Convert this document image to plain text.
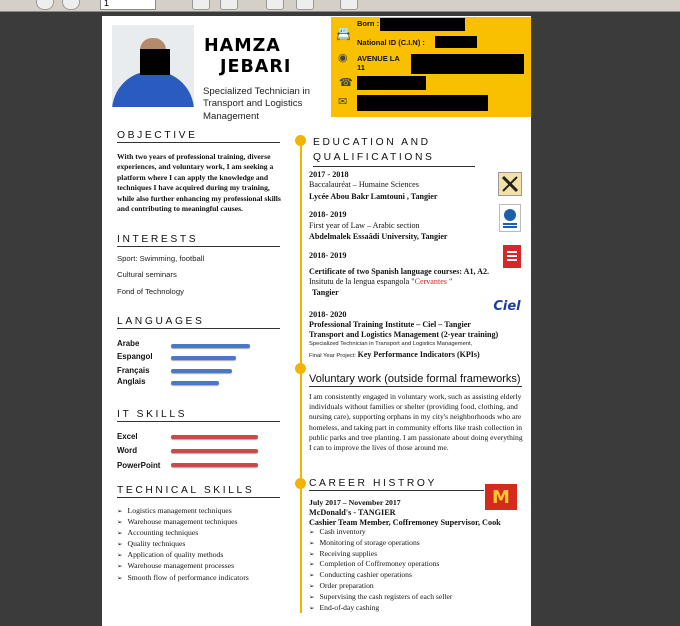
1
HAMZA
JEBARI
Specialized Technician in Transport and Logistics Management
Born :
📇
National ID (C.I.N) :
◉ AVENUE LA
11
☎
✉
OBJECTIVE
With two years of professional training, diverse experiences, and voluntary work, I am seeking a platform where I can apply the knowledge and techniques I have acquired during my training, while also further enhancing my professional skills and contributing to meaningful causes.
INTERESTS
Sport: Swimming, football
Cultural seminars
Fond of Technology
LANGUAGES
Arabe
Espangol
Français
Anglais
IT SKILLS
Excel
Word
PowerPoint
TECHNICAL SKILLS
➢ Logistics management techniques
➢ Warehouse management techniques
➢ Accounting techniques
➢ Quality techniques
➢ Application of quality methods
➢ Warehouse management processes
➢ Smooth flow of performance indicators
EDUCATION AND QUALIFICATIONS
2017 - 2018
Baccalauréat – Humaine Sciences
Lycée Abou Bakr Lamtouni , Tangier
2018- 2019
First year of Law – Arabic section
Abdelmalek Essaâdi University, Tangier
2018- 2019
Certificate of two Spanish language courses: A1, A2.
Insitutu de la lengua espangola "Cervantes "
Tangier
2018- 2020
Professional Training Institute – Ciel – Tangier
Transport and Logistics Management (2-year training)
Specialized Technician in Transport and Logistics Management,
Final Year Project: Key Performance Indicators (KPIs)
Ciel
Voluntary work (outside formal frameworks)
I am consistently engaged in voluntary work, such as assisting elderly individuals without families or shelter (providing food, clothing, and nursing care), supporting orphans in my city's neighborhoods who are homeless, and taking part in community efforts like trash collection in public parks and tree planting. I am passionate about doing everything I can to improve the lives of those around me.
CAREER HISTROY
M
July 2017 – November 2017
McDonald's - TANGIER
Cashier Team Member, Coffremoney Supervisor, Cook
➢ Cash inventory
➢ Monitoring of storage operations
➢ Receiving supplies
➢ Completion of Coffremoney operations
➢ Conducting cashier operations
➢ Order preparation
➢ Supervising the cash registers of each seller
➢ End-of-day cashing
